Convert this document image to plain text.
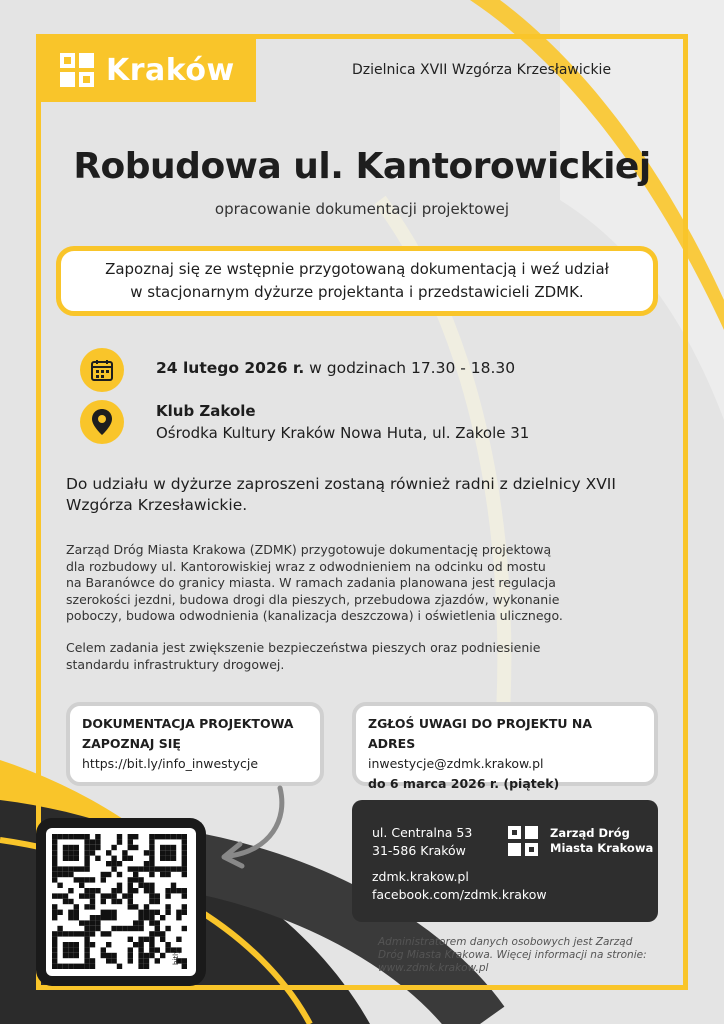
Kraków	Dzielnica XVII Wzgórza Krzesławickie
Robudowa ul. Kantorowickiej
opracowanie dokumentacji projektowej
Zapoznaj się ze wstępnie przygotowaną dokumentacją i weź udział
w stacjonarnym dyżurze projektanta i przedstawicieli ZDMK.
24 lutego 2026 r. w godzinach 17.30 - 18.30
Klub Zakole
Ośrodka Kultury Kraków Nowa Huta, ul. Zakole 31
Do udziału w dyżurze zaproszeni zostaną również radni z dzielnicy XVII
Wzgórza Krzesławickie.
Zarząd Dróg Miasta Krakowa (ZDMK) przygotowuje dokumentację projektową
dla rozbudowy ul. Kantorowiskiej wraz z odwodnieniem na odcinku od mostu
na Baranówce do granicy miasta. W ramach zadania planowana jest regulacja
szerokości jezdni, budowa drogi dla pieszych, przebudowa zjazdów, wykonanie
poboczy, budowa odwodnienia (kanalizacja deszczowa) i oświetlenia ulicznego.
Celem zadania jest zwiększenie bezpieczeństwa pieszych oraz podniesienie
standardu infrastruktury drogowej.
DOKUMENTACJA PROJEKTOWA
ZAPOZNAJ SIĘ
https://bit.ly/info_inwestycje
ZGŁOŚ UWAGI DO PROJEKTU NA ADRES
inwestycje@zdmk.krakow.pl
do 6 marca 2026 r. (piątek)
bitly
ul. Centralna 53
31-586 Kraków
Zarząd Dróg
Miasta Krakowa
zdmk.krakow.pl
facebook.com/zdmk.krakow
Administratorem danych osobowych jest Zarząd
Dróg Miasta Krakowa. Więcej informacji na stronie:
www.zdmk.krakow.pl
